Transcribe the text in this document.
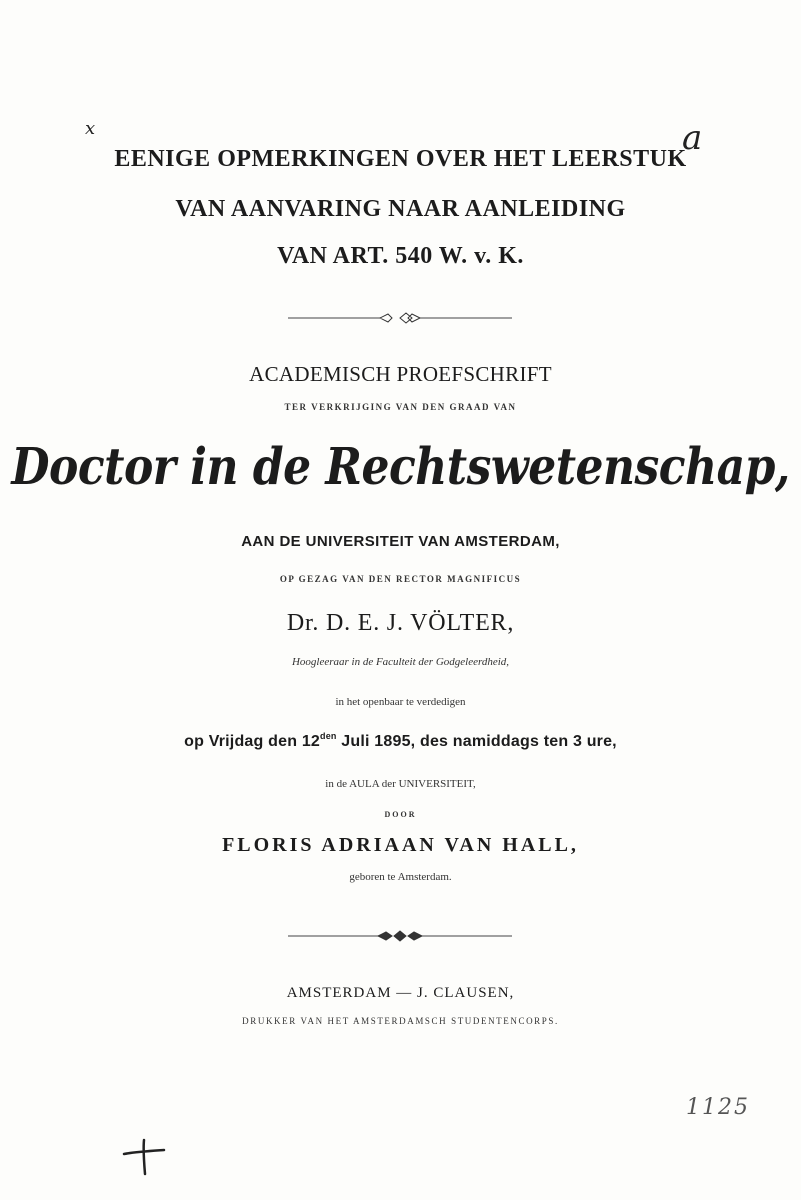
x	a
EENIGE OPMERKINGEN OVER HET LEERSTUK
VAN AANVARING NAAR AANLEIDING
VAN ART. 540 W. v. K.
ACADEMISCH PROEFSCHRIFT
TER VERKRIJGING VAN DEN GRAAD VAN
Doctor in de Rechtswetenschap,
AAN DE UNIVERSITEIT VAN AMSTERDAM,
OP GEZAG VAN DEN RECTOR MAGNIFICUS
Dr. D. E. J. VÖLTER,
Hoogleeraar in de Faculteit der Godgeleerdheid,
in het openbaar te verdedigen
op Vrijdag den $12^{den}$ Juli 1895, des namiddags ten 3 ure,
in de AULA der UNIVERSITEIT,
DOOR
FLORIS ADRIAAN VAN HALL,
geboren te Amsterdam.
AMSTERDAM — J. CLAUSEN,
DRUKKER VAN HET AMSTERDAMSCH STUDENTENCORPS.
1125
